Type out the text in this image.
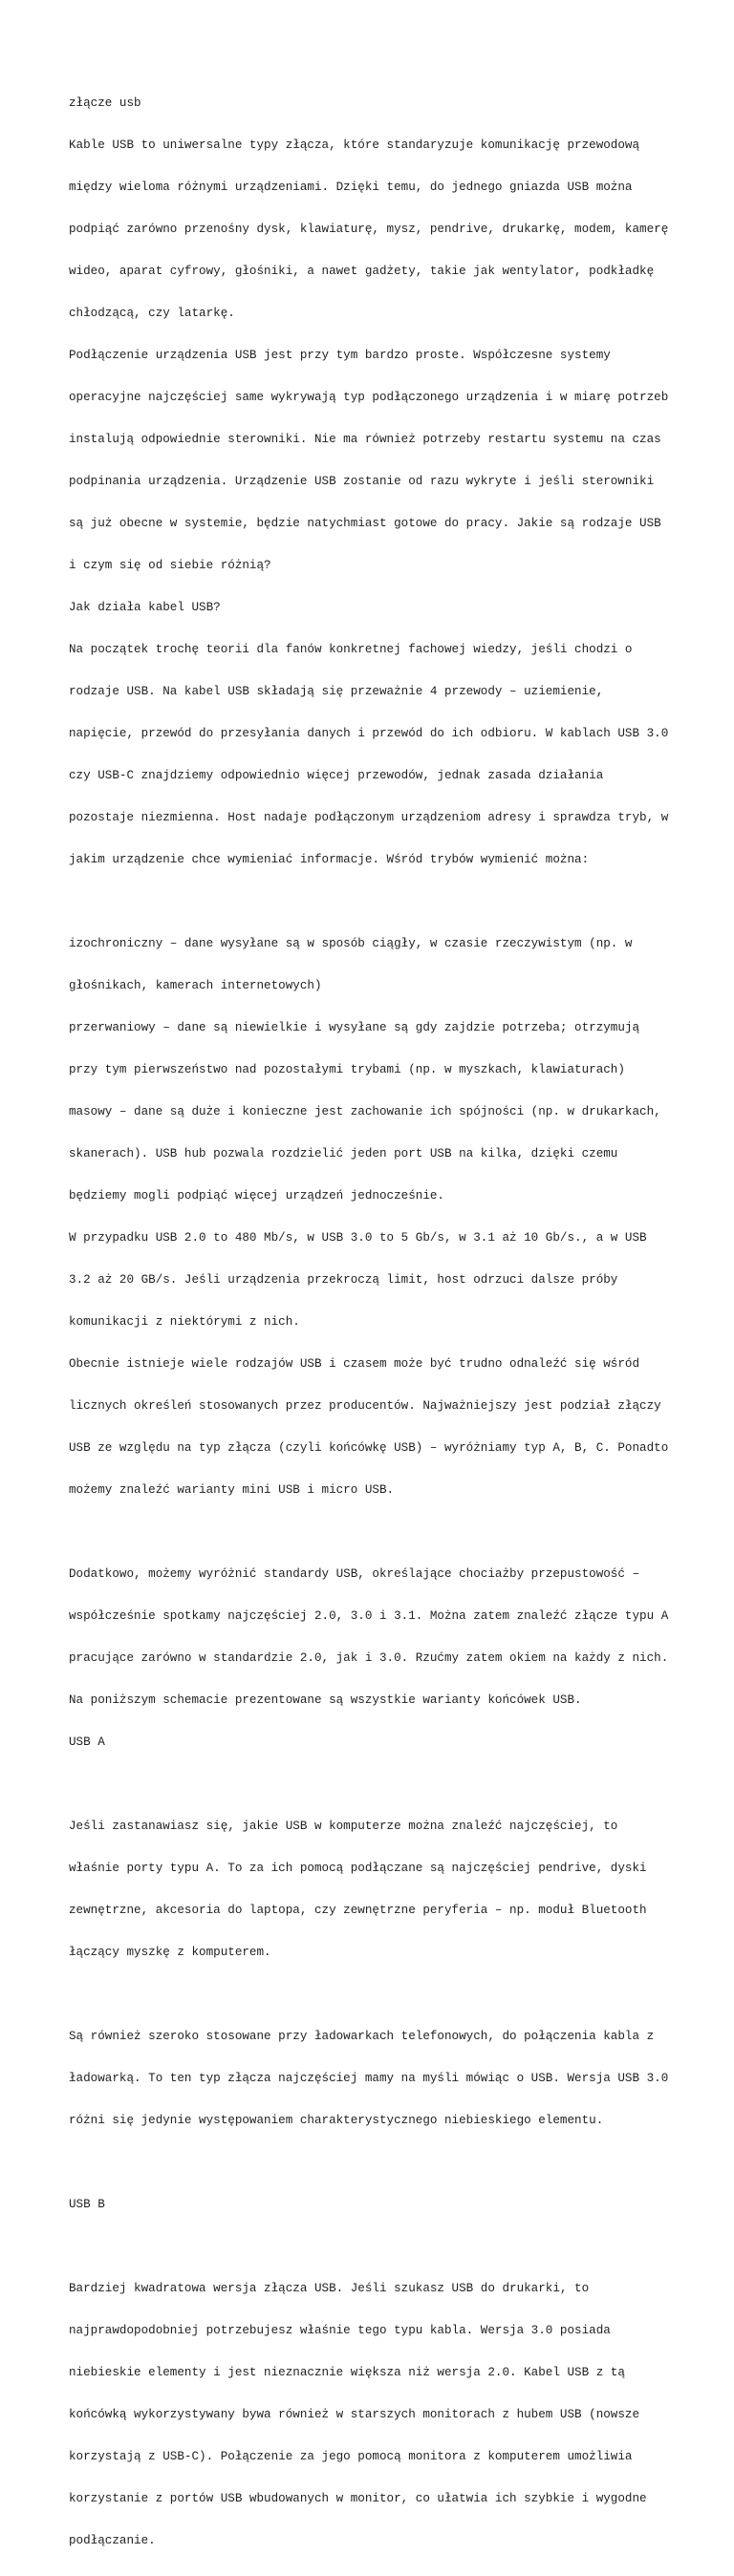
złącze usb

Kable USB to uniwersalne typy złącza, które standaryzuje komunikację przewodową

między wieloma różnymi urządzeniami. Dzięki temu, do jednego gniazda USB można

podpiąć zarówno przenośny dysk, klawiaturę, mysz, pendrive, drukarkę, modem, kamerę

wideo, aparat cyfrowy, głośniki, a nawet gadżety, takie jak wentylator, podkładkę

chłodzącą, czy latarkę.

Podłączenie urządzenia USB jest przy tym bardzo proste. Współczesne systemy

operacyjne najczęściej same wykrywają typ podłączonego urządzenia i w miarę potrzeb

instalują odpowiednie sterowniki. Nie ma również potrzeby restartu systemu na czas

podpinania urządzenia. Urządzenie USB zostanie od razu wykryte i jeśli sterowniki

są już obecne w systemie, będzie natychmiast gotowe do pracy. Jakie są rodzaje USB

i czym się od siebie różnią?

Jak działa kabel USB?

Na początek trochę teorii dla fanów konkretnej fachowej wiedzy, jeśli chodzi o

rodzaje USB. Na kabel USB składają się przeważnie 4 przewody – uziemienie,

napięcie, przewód do przesyłania danych i przewód do ich odbioru. W kablach USB 3.0

czy USB-C znajdziemy odpowiednio więcej przewodów, jednak zasada działania

pozostaje niezmienna. Host nadaje podłączonym urządzeniom adresy i sprawdza tryb, w

jakim urządzenie chce wymieniać informacje. Wśród trybów wymienić można:

izochroniczny – dane wysyłane są w sposób ciągły, w czasie rzeczywistym (np. w

głośnikach, kamerach internetowych)

przerwaniowy – dane są niewielkie i wysyłane są gdy zajdzie potrzeba; otrzymują

przy tym pierwszeństwo nad pozostałymi trybami (np. w myszkach, klawiaturach)

masowy – dane są duże i konieczne jest zachowanie ich spójności (np. w drukarkach,

skanerach). USB hub pozwala rozdzielić jeden port USB na kilka, dzięki czemu

będziemy mogli podpiąć więcej urządzeń jednocześnie.

W przypadku USB 2.0 to 480 Mb/s, w USB 3.0 to 5 Gb/s, w 3.1 aż 10 Gb/s., a w USB

3.2 aż 20 GB/s. Jeśli urządzenia przekroczą limit, host odrzuci dalsze próby

komunikacji z niektórymi z nich.

Obecnie istnieje wiele rodzajów USB i czasem może być trudno odnaleźć się wśród

licznych określeń stosowanych przez producentów. Najważniejszy jest podział złączy

USB ze względu na typ złącza (czyli końcówkę USB) – wyróżniamy typ A, B, C. Ponadto

możemy znaleźć warianty mini USB i micro USB.

Dodatkowo, możemy wyróżnić standardy USB, określające chociażby przepustowość –

współcześnie spotkamy najczęściej 2.0, 3.0 i 3.1. Można zatem znaleźć złącze typu A

pracujące zarówno w standardzie 2.0, jak i 3.0. Rzućmy zatem okiem na każdy z nich.

Na poniższym schemacie prezentowane są wszystkie warianty końcówek USB.

USB A

Jeśli zastanawiasz się, jakie USB w komputerze można znaleźć najczęściej, to

właśnie porty typu A. To za ich pomocą podłączane są najczęściej pendrive, dyski

zewnętrzne, akcesoria do laptopa, czy zewnętrzne peryferia – np. moduł Bluetooth

łączący myszkę z komputerem.

Są również szeroko stosowane przy ładowarkach telefonowych, do połączenia kabla z

ładowarką. To ten typ złącza najczęściej mamy na myśli mówiąc o USB. Wersja USB 3.0

różni się jedynie występowaniem charakterystycznego niebieskiego elementu.

USB B

Bardziej kwadratowa wersja złącza USB. Jeśli szukasz USB do drukarki, to

najprawdopodobniej potrzebujesz właśnie tego typu kabla. Wersja 3.0 posiada

niebieskie elementy i jest nieznacznie większa niż wersja 2.0. Kabel USB z tą

końcówką wykorzystywany bywa również w starszych monitorach z hubem USB (nowsze

korzystają z USB-C). Połączenie za jego pomocą monitora z komputerem umożliwia

korzystanie z portów USB wbudowanych w monitor, co ułatwia ich szybkie i wygodne

podłączanie.
